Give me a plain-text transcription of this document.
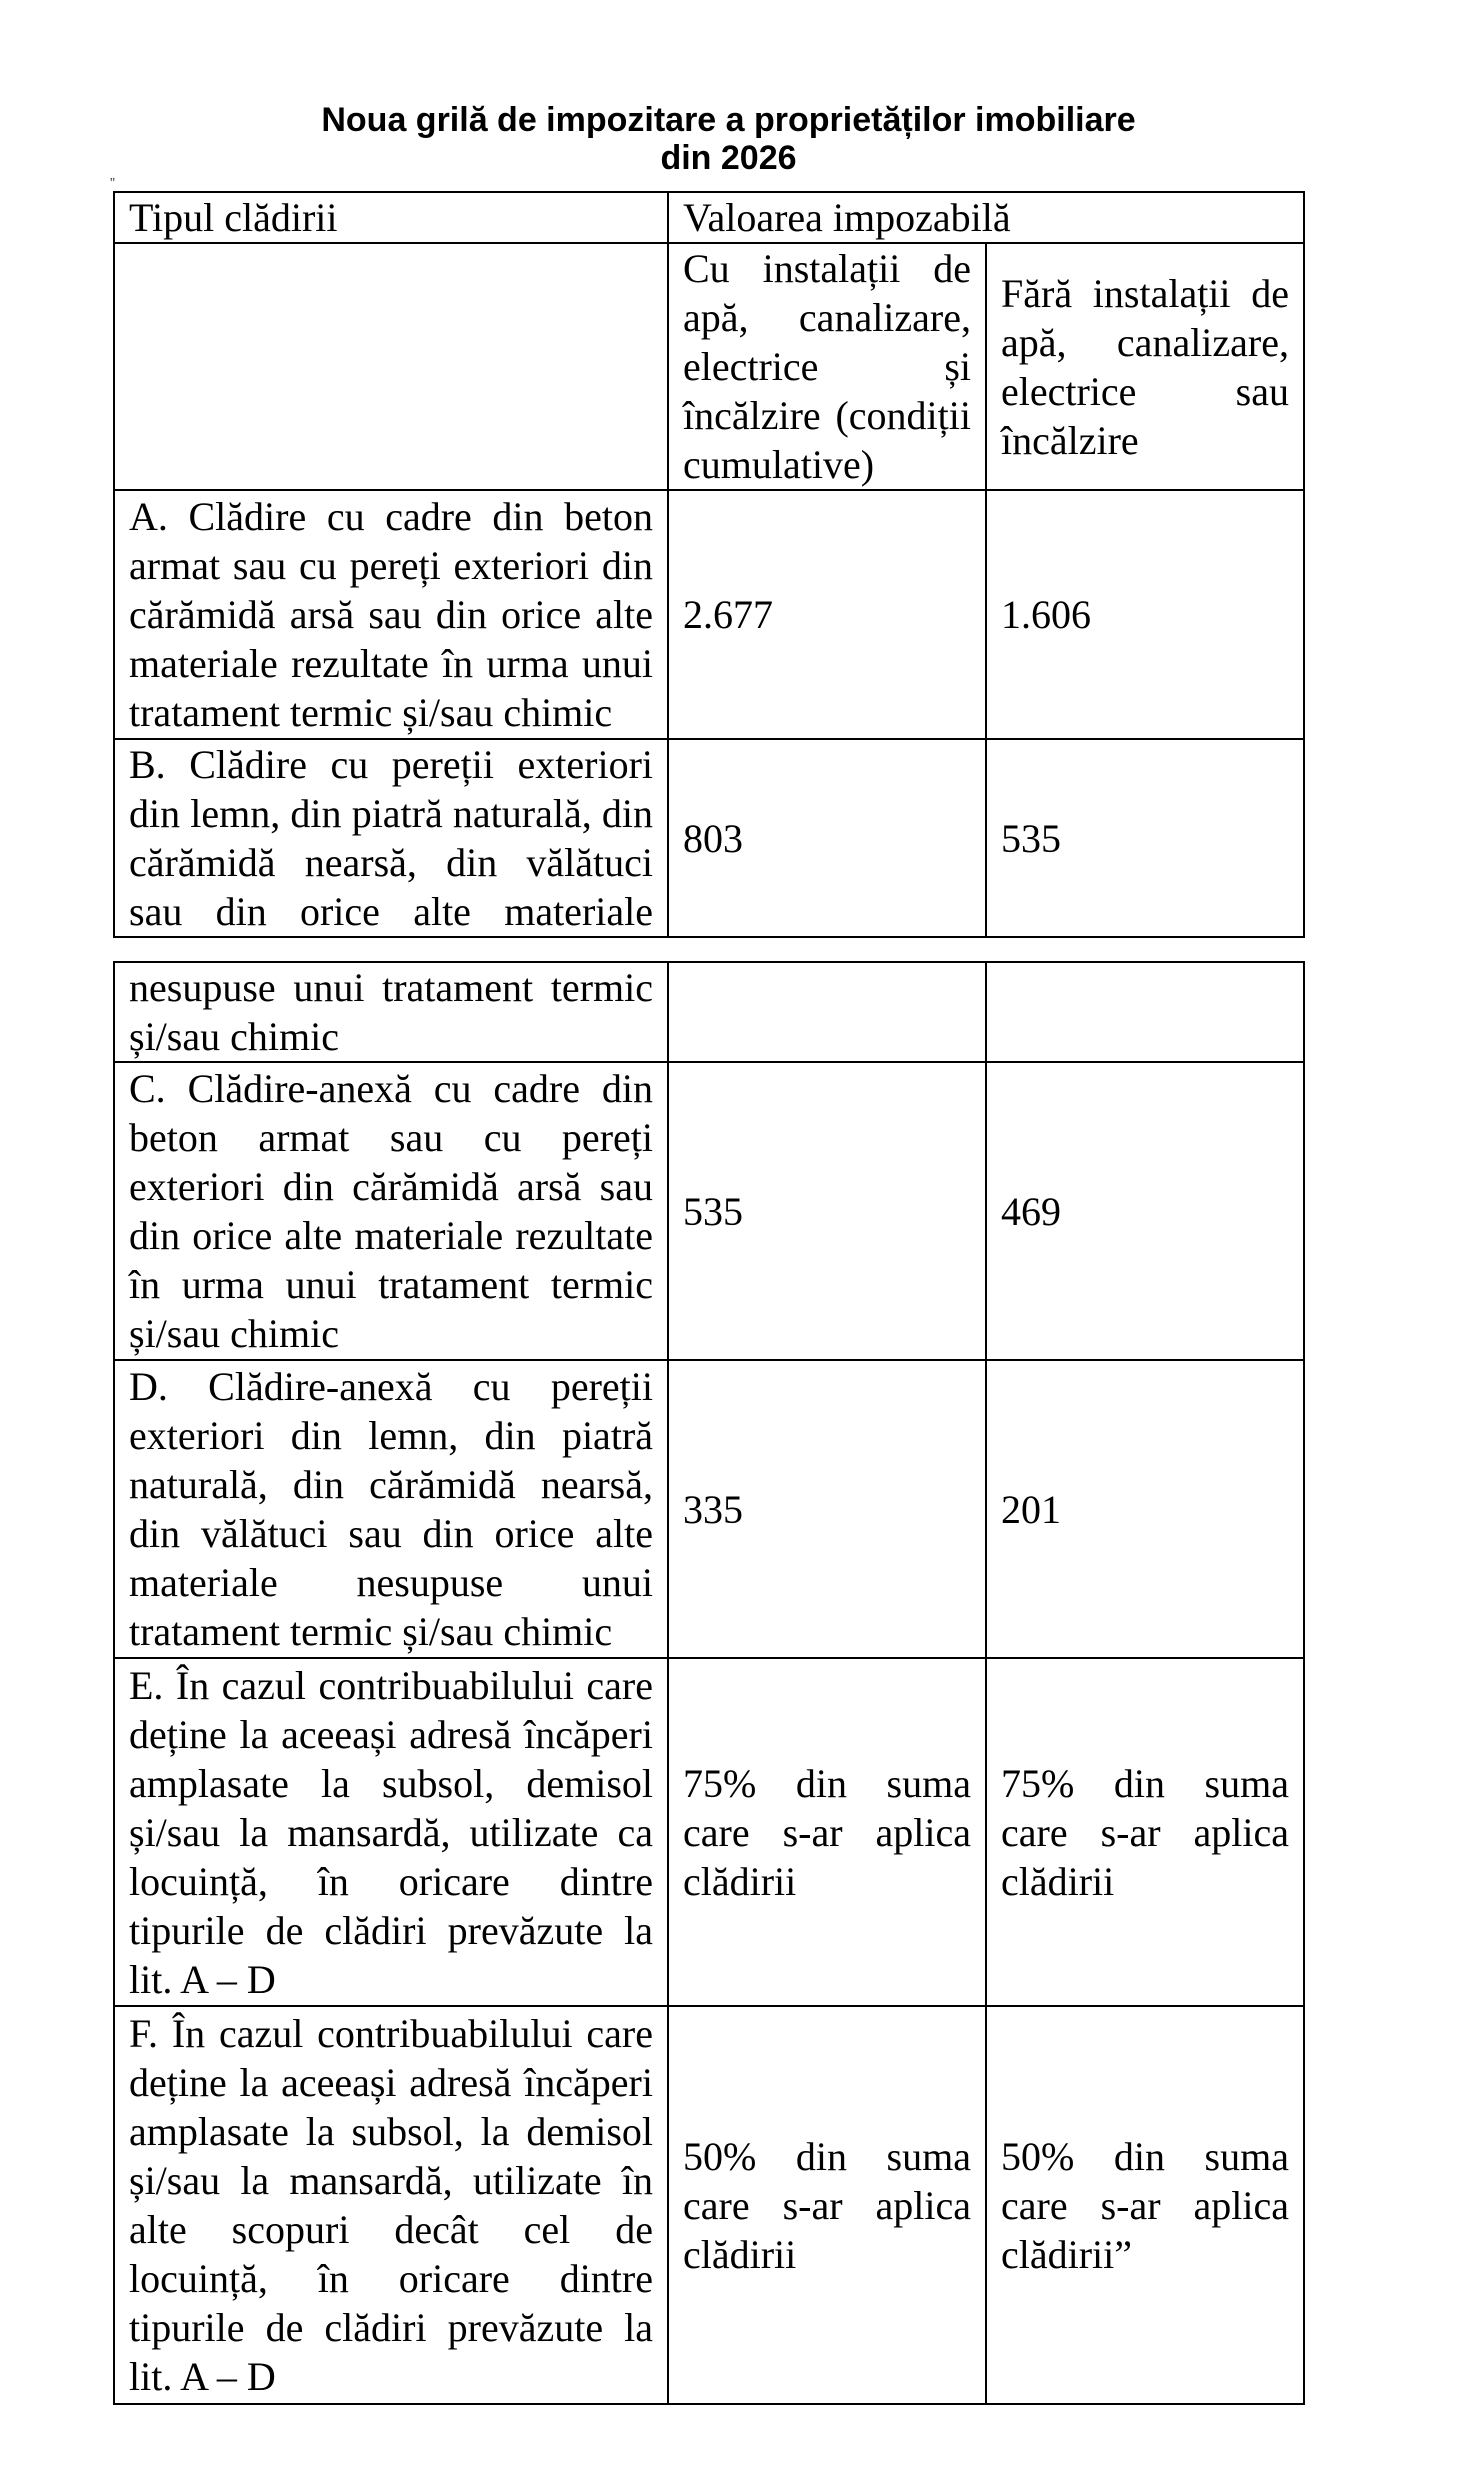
Noua grilă de impozitare a proprietăților imobiliare
din 2026
''
Tipul clădirii	Valoarea impozabilă	
	Cu instalații de apă, canalizare, electrice și încălzire (condiții cumulative)	Fără instalații de apă, canalizare, electrice sau încălzire
A. Clădire cu cadre din beton armat sau cu pereți exteriori din cărămidă arsă sau din orice alte materiale rezultate în urma unui tratament termic și/sau chimic	2.677	1.606
B. Clădire cu pereții exteriori din lemn, din piatră naturală, din cărămidă nearsă, din vălătuci sau din orice alte materiale	803	535
nesupuse unui tratament termic și/sau chimic		
C. Clădire-anexă cu cadre din beton armat sau cu pereți exteriori din cărămidă arsă sau din orice alte materiale rezultate în urma unui tratament termic și/sau chimic	535	469
D. Clădire-anexă cu pereții exteriori din lemn, din piatră naturală, din cărămidă nearsă, din vălătuci sau din orice alte materiale nesupuse unui tratament termic și/sau chimic	335	201
E. În cazul contribuabilului care deține la aceeași adresă încăperi amplasate la subsol, demisol și/sau la mansardă, utilizate ca locuință, în oricare dintre tipurile de clădiri prevăzute la lit. A – D	75% din suma care s-ar aplica clădirii	75% din suma care s-ar aplica clădirii
F. În cazul contribuabilului care deține la aceeași adresă încăperi amplasate la subsol, la demisol și/sau la mansardă, utilizate în alte scopuri decât cel de locuință, în oricare dintre tipurile de clădiri prevăzute la lit. A – D	50% din suma care s-ar aplica clădirii	50% din suma care s-ar aplica clădirii”
